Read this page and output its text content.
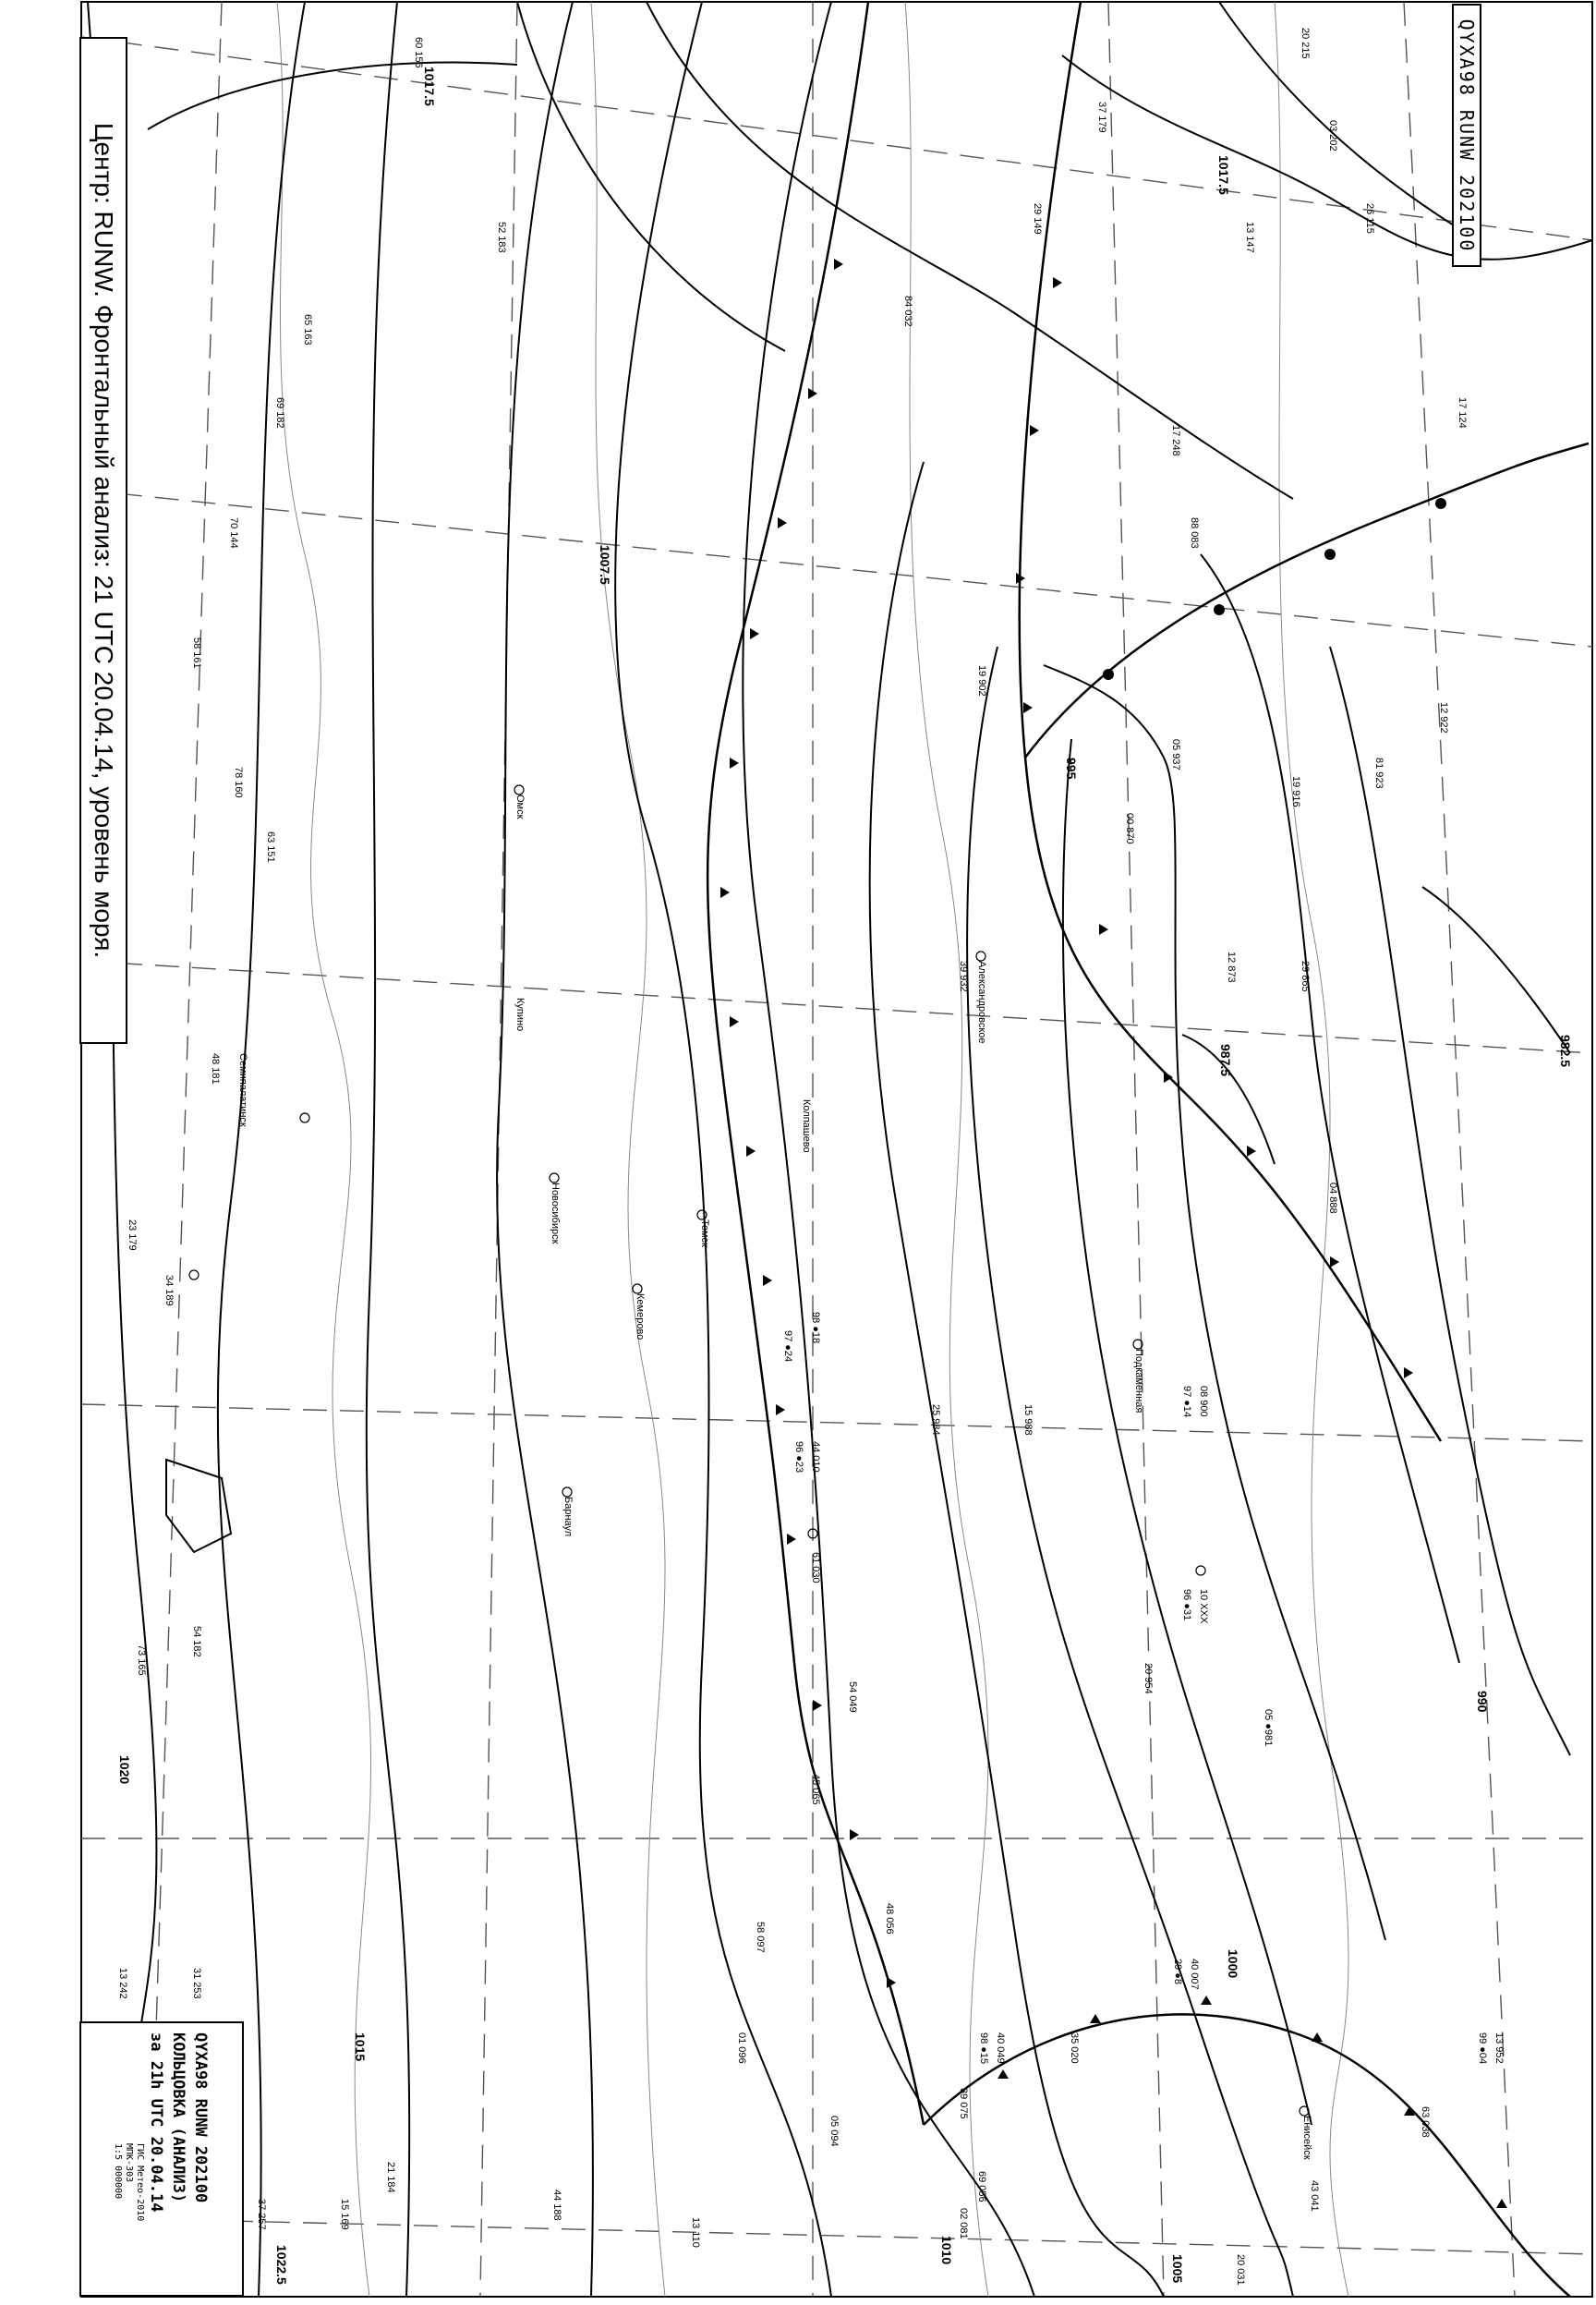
1017.5
1017.5
1007.5
995
987.5	982.5
990
1000
1005
1010
1020
1022.5
1015
Новосибирск	Томск
Кемерово
Омск
Александровское
Барнаул
Енисейск
Подкаменная
Купино
Семипалатинск	Колпашево
98 ●18
97 ●24
44 010
96 ●23
61 030
25 984	15 988
08 900
97 ●14
10 XXX
96 ●31
20 954
05 ●981
40 007
29 ●8
35 020	13 952
99 ●04
63 038
43 041
20 031
58 097
45 065
54 049
48 056
39 075
40 049
98 ●15
60 156
52 183
65 163
69 182
70 144
58 161
78 160
63 151
48 181
23 179
34 189
73 165
54 182
13 242	31 253
37 257
21 184
44 188
15 169
13 110
01 096
05 094
69 056
02 081
84 032
88 083
19 902
12 922
81 923
19 916
39 932
05 937
00 870
29 865
12 873
04 888
17 248
13 147
26 115
03 202
20 215
37 179
29 149
17 124
Центр: RUNW. Фронтальный анализ: 21 UTC 20.04.14, уровень моря.	QYXA98 RUNW 202100
QYXA98 RUNW 202100
КОЛЬЦОВКА (АНАЛИЗ)
за 21h UTC 20.04.14
ГИС Метео-2010
МПК-303
1:5 000000
